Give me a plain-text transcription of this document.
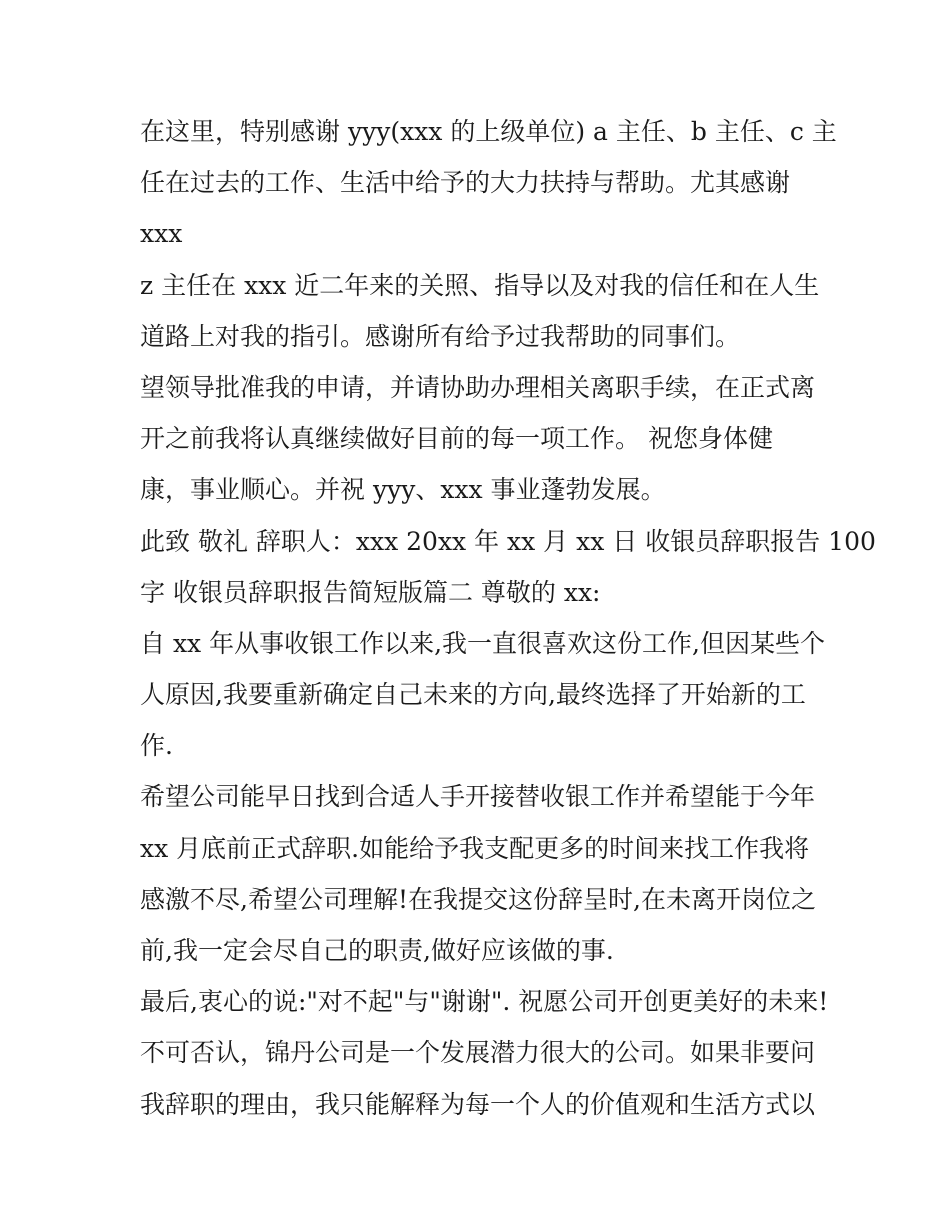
在这里，特别感谢 yyy(xxx 的上级单位) a 主任、b 主任、c 主
任在过去的工作、生活中给予的大力扶持与帮助。尤其感谢
xxx
z 主任在 xxx 近二年来的关照、指导以及对我的信任和在人生
道路上对我的指引。感谢所有给予过我帮助的同事们。
望领导批准我的申请，并请协助办理相关离职手续，在正式离
开之前我将认真继续做好目前的每一项工作。 祝您身体健
康，事业顺心。并祝 yyy、xxx 事业蓬勃发展。
此致 敬礼 辞职人：xxx 20xx 年 xx 月 xx 日 收银员辞职报告 100
字 收银员辞职报告简短版篇二 尊敬的 xx:
自 xx 年从事收银工作以来,我一直很喜欢这份工作,但因某些个
人原因,我要重新确定自己未来的方向,最终选择了开始新的工
作.
希望公司能早日找到合适人手开接替收银工作并希望能于今年
xx 月底前正式辞职.如能给予我支配更多的时间来找工作我将
感激不尽,希望公司理解!在我提交这份辞呈时,在未离开岗位之
前,我一定会尽自己的职责,做好应该做的事.
最后,衷心的说:"对不起"与"谢谢". 祝愿公司开创更美好的未来!
不可否认，锦丹公司是一个发展潜力很大的公司。如果非要问
我辞职的理由，我只能解释为每一个人的价值观和生活方式以
